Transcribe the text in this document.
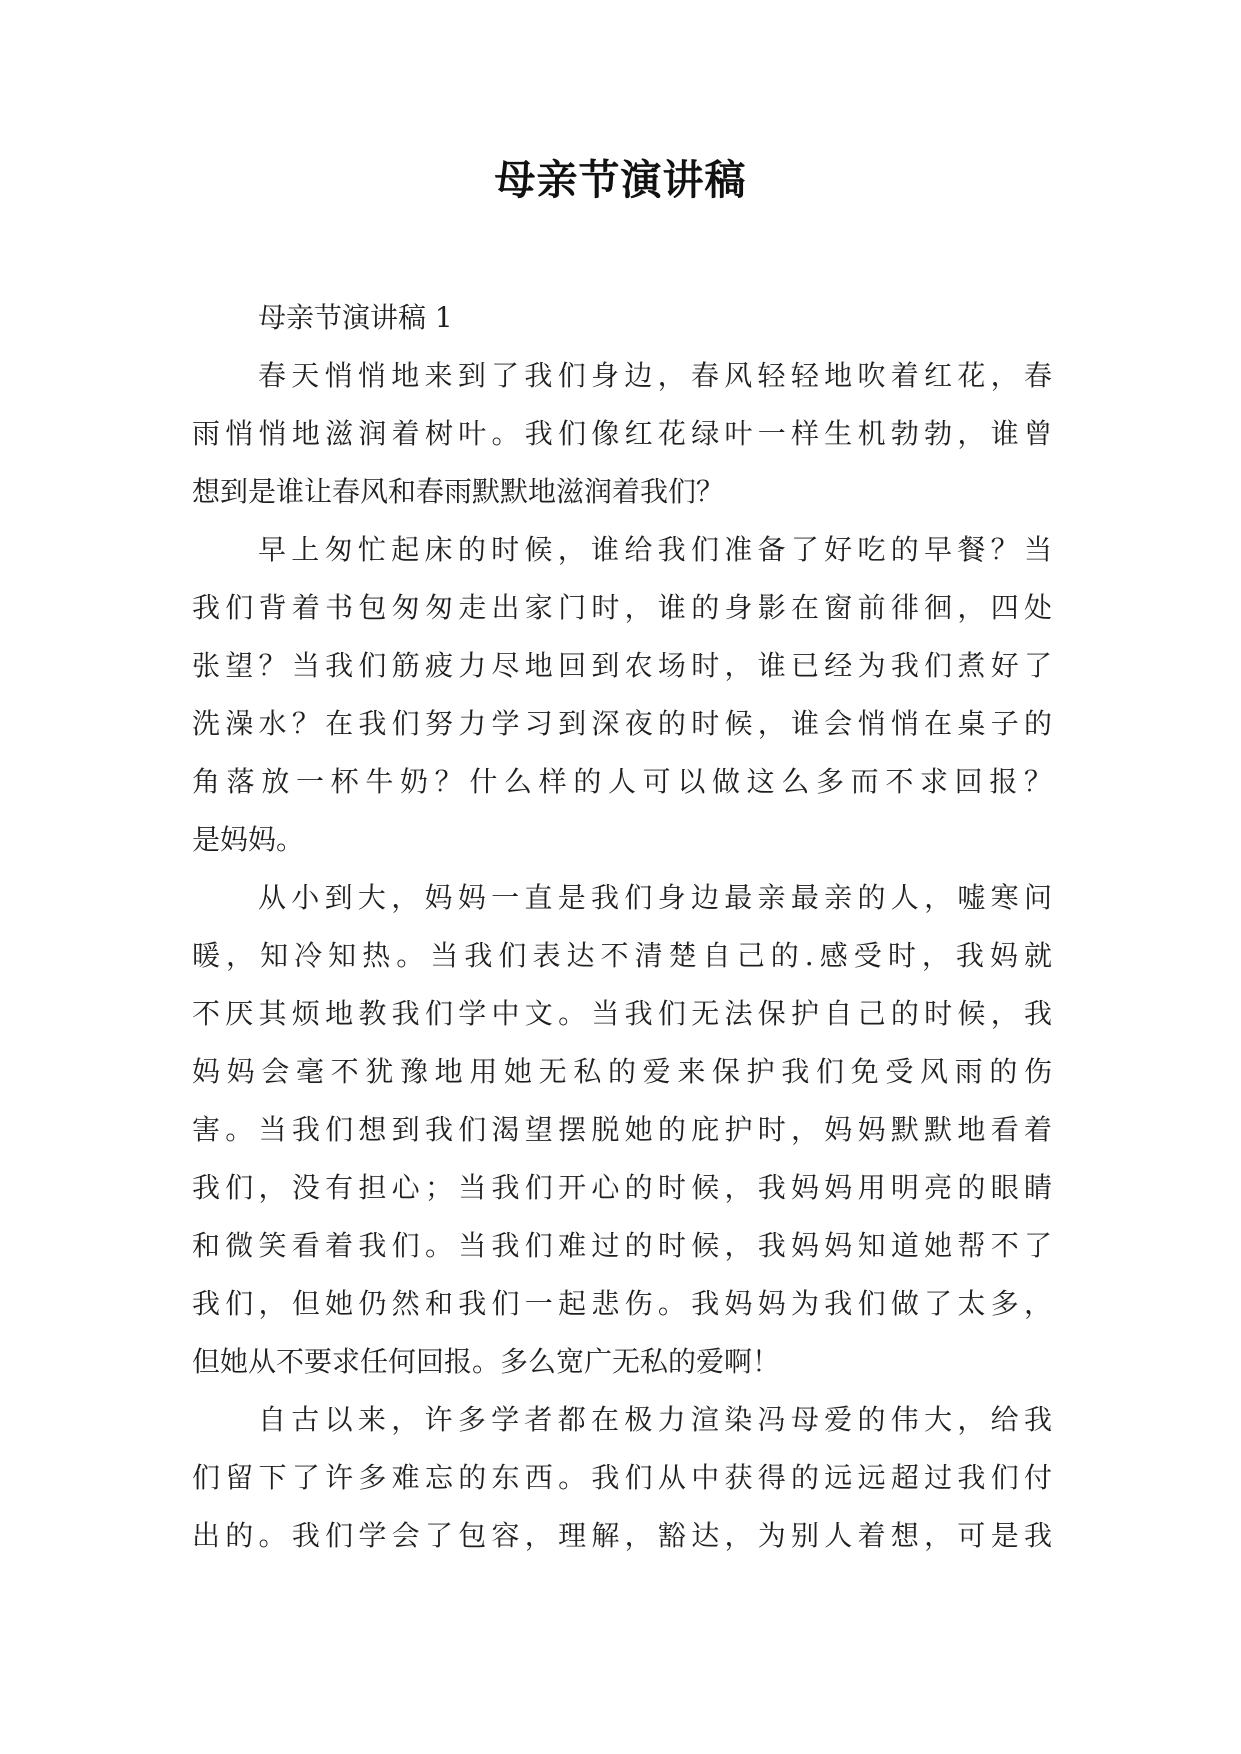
母亲节演讲稿
母亲节演讲稿 1
春天悄悄地来到了我们身边，春风轻轻地吹着红花，春
雨悄悄地滋润着树叶。我们像红花绿叶一样生机勃勃，谁曾
想到是谁让春风和春雨默默地滋润着我们？
早上匆忙起床的时候，谁给我们准备了好吃的早餐？当
我们背着书包匆匆走出家门时，谁的身影在窗前徘徊，四处
张望？当我们筋疲力尽地回到农场时，谁已经为我们煮好了
洗澡水？在我们努力学习到深夜的时候，谁会悄悄在桌子的
角落放一杯牛奶？什么样的人可以做这么多而不求回报？
是妈妈。
从小到大，妈妈一直是我们身边最亲最亲的人，嘘寒问
暖，知冷知热。当我们表达不清楚自己的.感受时，我妈就
不厌其烦地教我们学中文。当我们无法保护自己的时候，我
妈妈会毫不犹豫地用她无私的爱来保护我们免受风雨的伤
害。当我们想到我们渴望摆脱她的庇护时，妈妈默默地看着
我们，没有担心；当我们开心的时候，我妈妈用明亮的眼睛
和微笑看着我们。当我们难过的时候，我妈妈知道她帮不了
我们，但她仍然和我们一起悲伤。我妈妈为我们做了太多，
但她从不要求任何回报。多么宽广无私的爱啊！
自古以来，许多学者都在极力渲染冯母爱的伟大，给我
们留下了许多难忘的东西。我们从中获得的远远超过我们付
出的。我们学会了包容，理解，豁达，为别人着想，可是我
